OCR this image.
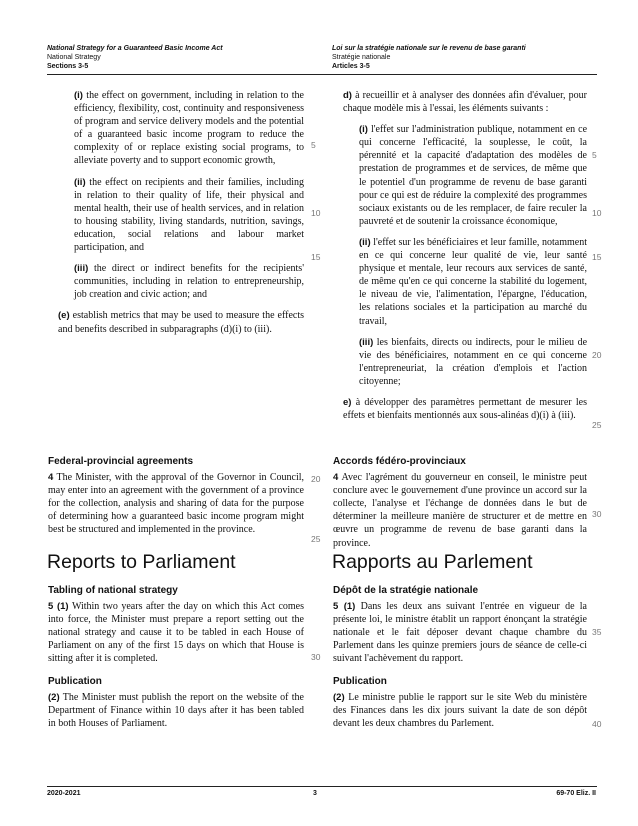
National Strategy for a Guaranteed Basic Income Act
National Strategy
Sections 3-5
Loi sur la stratégie nationale sur le revenu de base garanti
Stratégie nationale
Articles 3-5

(i) the effect on government, including in relation to the efficiency, flexibility, cost, continuity and responsiveness of program and service delivery models and the potential of a guaranteed basic income program to reduce the complexity of or replace existing social programs, to alleviate poverty and to support economic growth,

(ii) the effect on recipients and their families, including in relation to their quality of life, their physical and mental health, their use of health services, and in relation to housing stability, living standards, nutrition, savings, education, social relations and labour market participation, and

(iii) the direct or indirect benefits for the recipients' communities, including in relation to entrepreneurship, job creation and civic action; and

(e) establish metrics that may be used to measure the effects and benefits described in subparagraphs (d)(i) to (iii).

d) à recueillir et à analyser des données afin d'évaluer, pour chaque modèle mis à l'essai, les éléments suivants :

(i) l'effet sur l'administration publique, notamment en ce qui concerne l'efficacité, la souplesse, le coût, la pérennité et la capacité d'adaptation des modèles de prestation de programmes et de services, de même que le potentiel d'un programme de revenu de base garanti pour ce qui est de réduire la complexité des programmes sociaux existants ou de les remplacer, de faire reculer la pauvreté et de soutenir la croissance économique,

(ii) l'effet sur les bénéficiaires et leur famille, notamment en ce qui concerne leur qualité de vie, leur santé physique et mentale, leur recours aux services de santé, de même qu'en ce qui concerne la stabilité du logement, le niveau de vie, l'alimentation, l'épargne, l'éducation, les relations sociales et la participation au marché du travail,

(iii) les bienfaits, directs ou indirects, pour le milieu de vie des bénéficiaires, notamment en ce qui concerne l'entrepreneuriat, la création d'emplois et l'action citoyenne;

e) à développer des paramètres permettant de mesurer les effets et bienfaits mentionnés aux sous-alinéas d)(i) à (iii).

Federal-provincial agreements

4 The Minister, with the approval of the Governor in Council, may enter into an agreement with the government of a province for the collection, analysis and sharing of data for the purpose of determining how a guaranteed basic income program might best be structured and implemented in the province.

Accords fédéro-provinciaux

4 Avec l'agrément du gouverneur en conseil, le ministre peut conclure avec le gouvernement d'une province un accord sur la collecte, l'analyse et l'échange de données dans le but de déterminer la meilleure manière de structurer et de mettre en œuvre un programme de revenu de base garanti dans la province.

Reports to Parliament	Rapports au Parlement
Tabling of national strategy

5 (1) Within two years after the day on which this Act comes into force, the Minister must prepare a report setting out the national strategy and cause it to be tabled in each House of Parliament on any of the first 15 days on which that House is sitting after it is completed.

Dépôt de la stratégie nationale

5 (1) Dans les deux ans suivant l'entrée en vigueur de la présente loi, le ministre établit un rapport énonçant la stratégie nationale et le fait déposer devant chaque chambre du Parlement dans les quinze premiers jours de séance de celle-ci suivant l'achèvement du rapport.

Publication

(2) The Minister must publish the report on the website of the Department of Finance within 10 days after it has been tabled in both Houses of Parliament.

Publication

(2) Le ministre publie le rapport sur le site Web du ministère des Finances dans les dix jours suivant la date de son dépôt devant les deux chambres du Parlement.

5
10
15
20
25
30
5
10
15
20
25
30
35
40
2020-2021	3	69-70 Eliz. II
